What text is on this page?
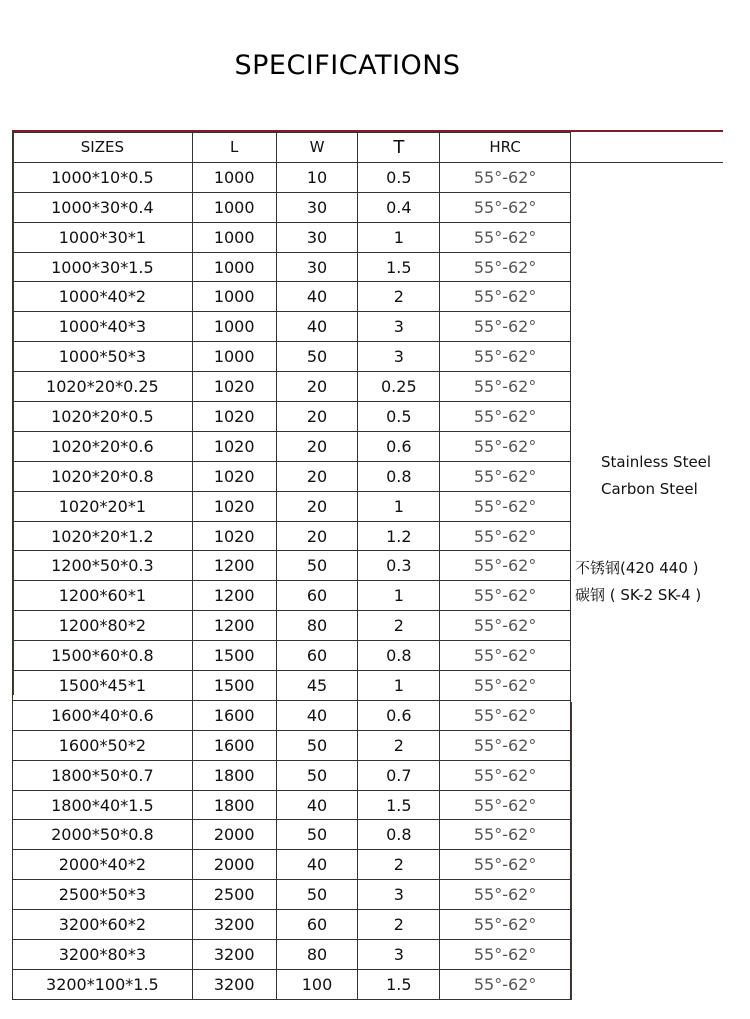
SPECIFICATIONS
SIZES	L	W	T	HRC	
1000*10*0.5	1000	10	0.5	55°-62°	Stainless Steel
Carbon Steel
不锈钢(420 440 )
碳钢 ( SK-2 SK-4 )

1000*30*0.4	1000	30	0.4	55°-62°	
1000*30*1	1000	30	1	55°-62°	
1000*30*1.5	1000	30	1.5	55°-62°	
1000*40*2	1000	40	2	55°-62°	
1000*40*3	1000	40	3	55°-62°	
1000*50*3	1000	50	3	55°-62°	
1020*20*0.25	1020	20	0.25	55°-62°	
1020*20*0.5	1020	20	0.5	55°-62°	
1020*20*0.6	1020	20	0.6	55°-62°	
1020*20*0.8	1020	20	0.8	55°-62°	
1020*20*1	1020	20	1	55°-62°	
1020*20*1.2	1020	20	1.2	55°-62°	
1200*50*0.3	1200	50	0.3	55°-62°	
1200*60*1	1200	60	1	55°-62°	
1200*80*2	1200	80	2	55°-62°	
1500*60*0.8	1500	60	0.8	55°-62°	
1500*45*1	1500	45	1	55°-62°	
1600*40*0.6	1600	40	0.6	55°-62°	
1600*50*2	1600	50	2	55°-62°	
1800*50*0.7	1800	50	0.7	55°-62°	
1800*40*1.5	1800	40	1.5	55°-62°	
2000*50*0.8	2000	50	0.8	55°-62°	
2000*40*2	2000	40	2	55°-62°	
2500*50*3	2500	50	3	55°-62°	
3200*60*2	3200	60	2	55°-62°	
3200*80*3	3200	80	3	55°-62°	
3200*100*1.5	3200	100	1.5	55°-62°	
